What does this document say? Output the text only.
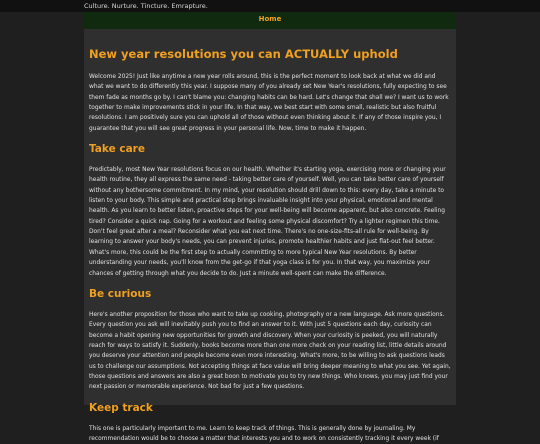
Culture. Nurture. Tincture. Emrapture.
Home
New year resolutions you can ACTUALLY uphold

Welcome 2025! Just like anytime a new year rolls around, this is the perfect moment to look back at what we did and what we want to do differently this year. I suppose many of you already set New Year's resolutions, fully expecting to see them fade as months go by. I can't blame you: changing habits can be hard. Let's change that shall we? I want us to work together to make improvements stick in your life. In that way, we best start with some small, realistic but also fruitful resolutions. I am positively sure you can uphold all of those without even thinking about it. If any of those inspire you, I guarantee that you will see great progress in your personal life. Now, time to make it happen.

Take care

Predictably, most New Year resolutions focus on our health. Whether it's starting yoga, exercising more or changing your health routine, they all express the same need - taking better care of yourself. Well, you can take better care of yourself without any bothersome commitment. In my mind, your resolution should drill down to this: every day, take a minute to listen to your body. This simple and practical step brings invaluable insight into your physical, emotional and mental health. As you learn to better listen, proactive steps for your well-being will become apparent, but also concrete. Feeling tired? Consider a quick nap. Going for a workout and feeling some physical discomfort? Try a lighter regimen this time. Don't feel great after a meal? Reconsider what you eat next time. There's no one-size-fits-all rule for well-being. By learning to answer your body's needs, you can prevent injuries, promote healthier habits and just flat-out feel better. What's more, this could be the first step to actually committing to more typical New Year resolutions. By better understanding your needs, you'll know from the get-go if that yoga class is for you. In that way, you maximize your chances of getting through what you decide to do. Just a minute well-spent can make the difference.

Be curious

Here's another proposition for those who want to take up cooking, photography or a new language. Ask more questions. Every question you ask will inevitably push you to find an answer to it. With just 5 questions each day, curiosity can become a habit opening new opportunities for growth and discovery. When your curiosity is peeked, you will naturally reach for ways to satisfy it. Suddenly, books become more than one more check on your reading list, little details around you deserve your attention and people become even more interesting. What's more, to be willing to ask questions leads us to challenge our assumptions. Not accepting things at face value will bring deeper meaning to what you see. Yet again, those questions and answers are also a great boon to motivate you to try new things. Who knows, you may just find your next passion or memorable experience. Not bad for just a few questions.

Keep track

This one is particularly important to me. Learn to keep track of things. This is generally done by journaling. My recommendation would be to choose a matter that interests you and to work on consistently tracking it every week (if
